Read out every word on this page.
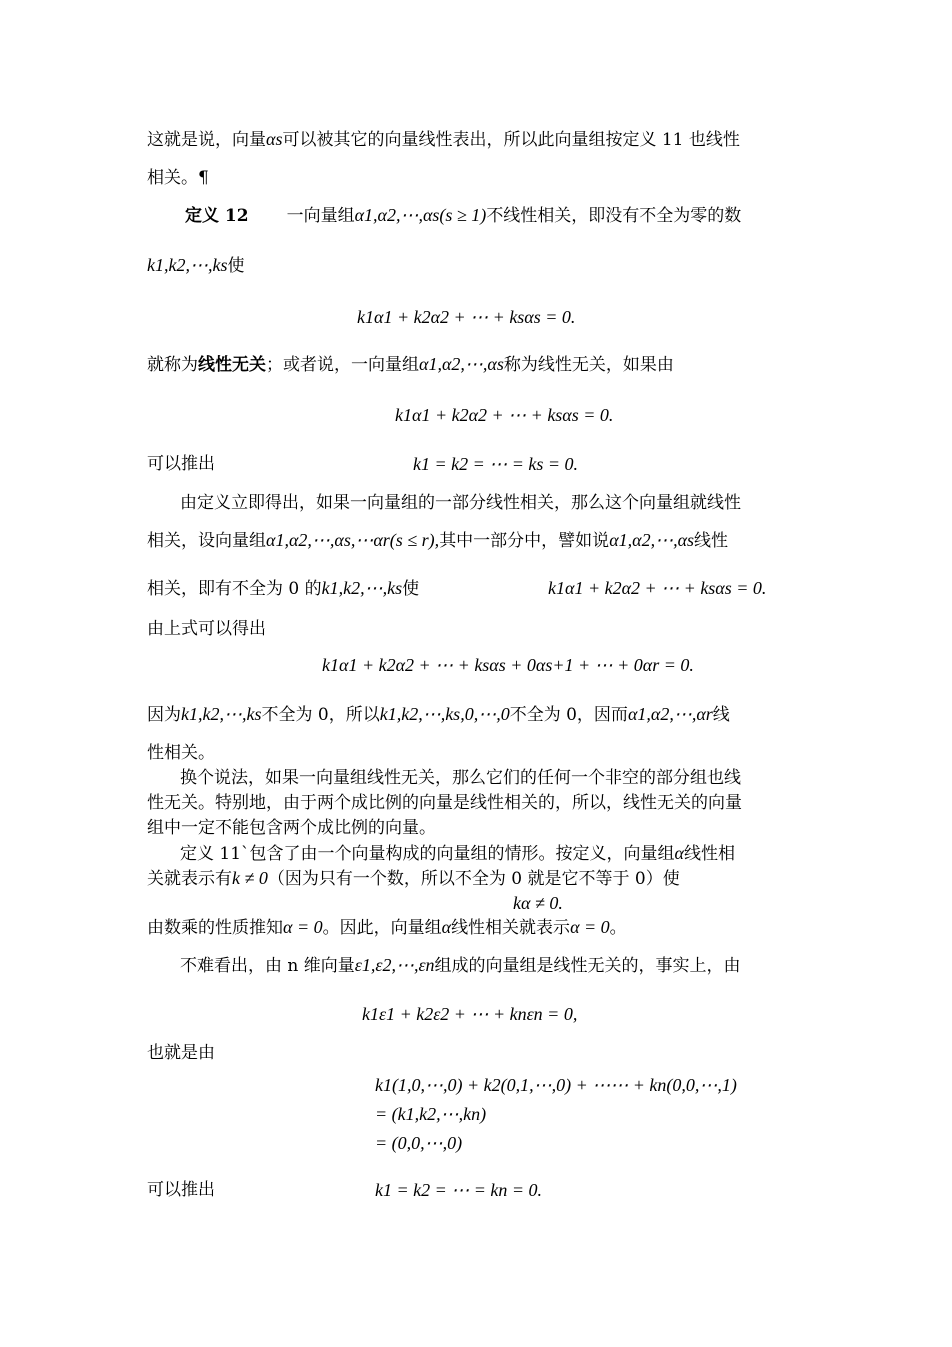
这就是说，向量αs可以被其它的向量线性表出，所以此向量组按定义 11 也线性
相关。¶
定义 12 一向量组α1,α2,⋯,αs(s ≥ 1)不线性相关，即没有不全为零的数
k1,k2,⋯,ks使
k1α1 + k2α2 + ⋯ + ksαs = 0.
就称为线性无关；或者说，一向量组α1,α2,⋯,αs称为线性无关，如果由
k1α1 + k2α2 + ⋯ + ksαs = 0.
可以推出	k1 = k2 = ⋯ = ks = 0.
由定义立即得出，如果一向量组的一部分线性相关，那么这个向量组就线性
相关，设向量组α1,α2,⋯,αs,⋯αr(s ≤ r),其中一部分中，譬如说α1,α2,⋯,αs线性
相关，即有不全为 0 的k1,k2,⋯,ks使	k1α1 + k2α2 + ⋯ + ksαs = 0.
由上式可以得出
k1α1 + k2α2 + ⋯ + ksαs + 0αs+1 + ⋯ + 0αr = 0.
因为k1,k2,⋯,ks不全为 0，所以k1,k2,⋯,ks,0,⋯,0不全为 0，因而α1,α2,⋯,αr线
性相关。
换个说法，如果一向量组线性无关，那么它们的任何一个非空的部分组也线
性无关。特别地，由于两个成比例的向量是线性相关的，所以，线性无关的向量
组中一定不能包含两个成比例的向量。
定义 11`包含了由一个向量构成的向量组的情形。按定义，向量组α线性相
关就表示有k ≠ 0（因为只有一个数，所以不全为 0 就是它不等于 0）使
kα ≠ 0.
由数乘的性质推知α = 0。因此，向量组α线性相关就表示α = 0。
不难看出，由 n 维向量ε1,ε2,⋯,εn组成的向量组是线性无关的，事实上，由
k1ε1 + k2ε2 + ⋯ + knεn = 0,
也就是由
k1(1,0,⋯,0) + k2(0,1,⋯,0) + ⋯⋯ + kn(0,0,⋯,1)
= (k1,k2,⋯,kn)
= (0,0,⋯,0)
可以推出	k1 = k2 = ⋯ = kn = 0.
